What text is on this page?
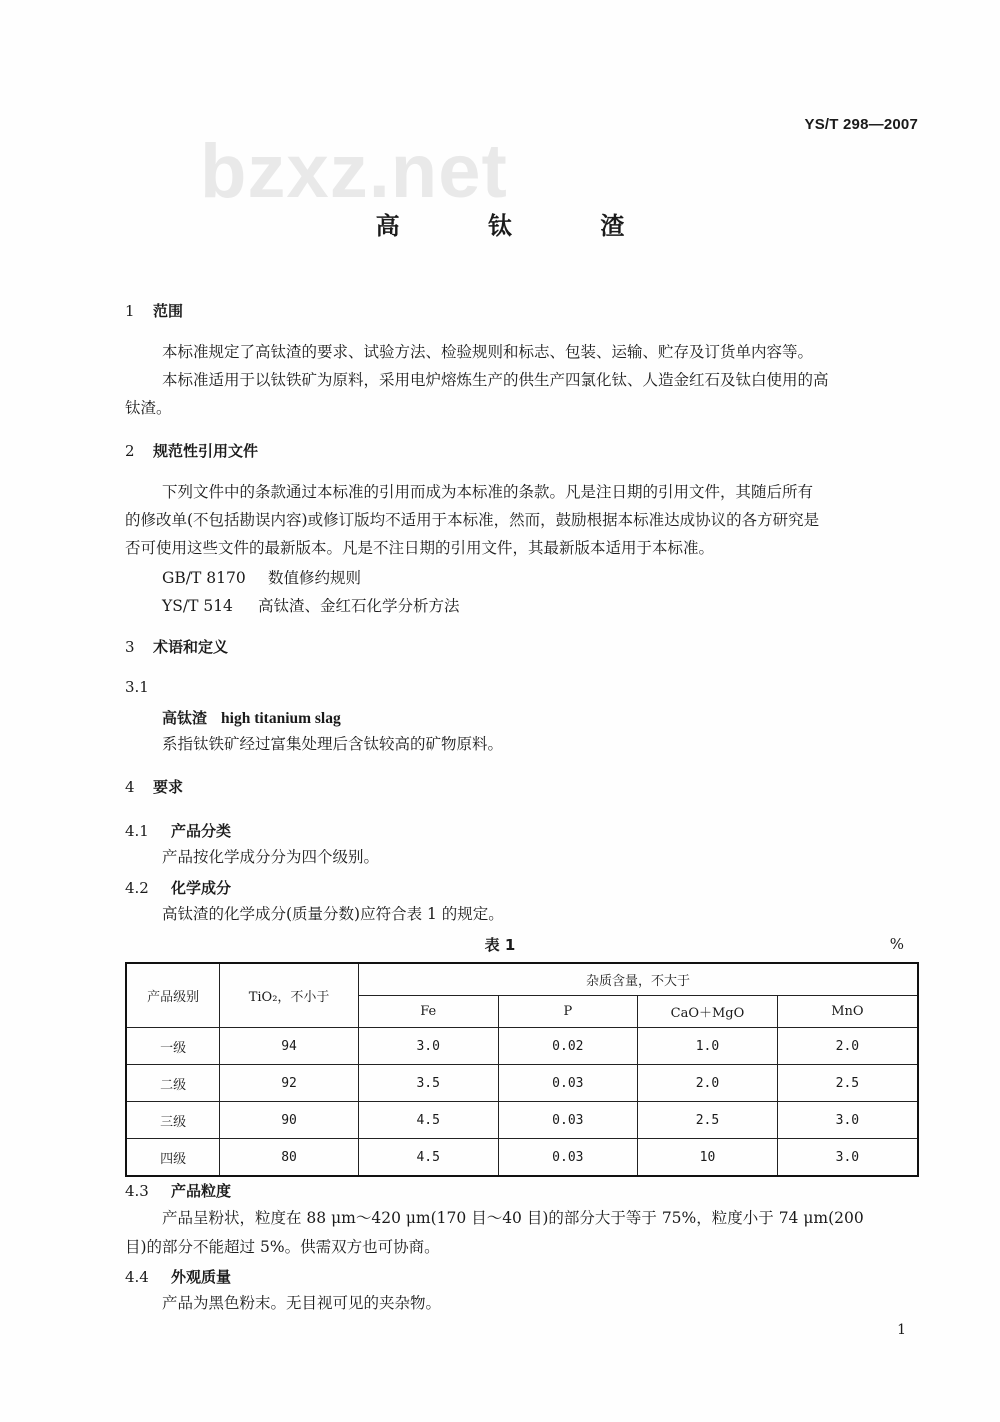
bzxz.net
YS/T 298—2007
高 钛 渣
1 范围
本标准规定了高钛渣的要求、试验方法、检验规则和标志、包装、运输、贮存及订货单内容等。
本标准适用于以钛铁矿为原料，采用电炉熔炼生产的供生产四氯化钛、人造金红石及钛白使用的高
钛渣。
2 规范性引用文件
下列文件中的条款通过本标准的引用而成为本标准的条款。凡是注日期的引用文件，其随后所有
的修改单(不包括勘误内容)或修订版均不适用于本标准，然而，鼓励根据本标准达成协议的各方研究是
否可使用这些文件的最新版本。凡是不注日期的引用文件，其最新版本适用于本标准。
GB/T 8170 数值修约规则
YS/T 514 高钛渣、金红石化学分析方法
3 术语和定义
3.1
高钛渣 high titanium slag
系指钛铁矿经过富集处理后含钛较高的矿物原料。
4 要求
4.1 产品分类
产品按化学成分分为四个级别。
4.2 化学成分
高钛渣的化学成分(质量分数)应符合表 1 的规定。
表 1	%
产品级别	TiO₂，不小于	杂质含量，不大于			
		Fe	P	CaO＋MgO	MnO
一级	94	3.0	0.02	1.0	2.0
二级	92	3.5	0.03	2.0	2.5
三级	90	4.5	0.03	2.5	3.0
四级	80	4.5	0.03	10	3.0
4.3 产品粒度
产品呈粉状，粒度在 88 μm～420 μm(170 目～40 目)的部分大于等于 75%，粒度小于 74 μm(200
目)的部分不能超过 5%。供需双方也可协商。
4.4 外观质量
产品为黑色粉末。无目视可见的夹杂物。
1
